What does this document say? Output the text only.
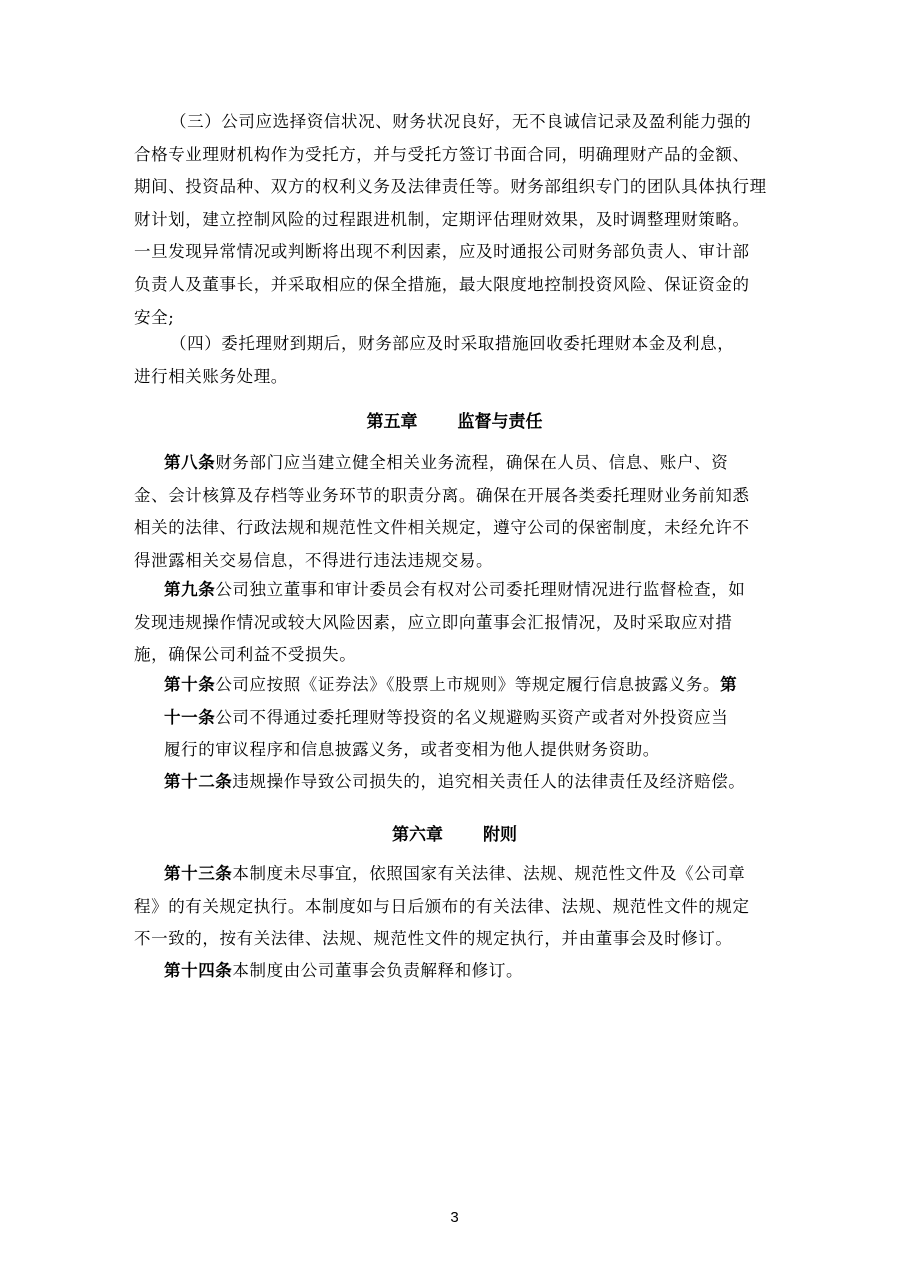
（三）公司应选择资信状况、财务状况良好，无不良诚信记录及盈利能力强的
合格专业理财机构作为受托方，并与受托方签订书面合同，明确理财产品的金额、
期间、投资品种、双方的权利义务及法律责任等。财务部组织专门的团队具体执行理
财计划，建立控制风险的过程跟进机制，定期评估理财效果，及时调整理财策略。
一旦发现异常情况或判断将出现不利因素，应及时通报公司财务部负责人、审计部
负责人及董事长，并采取相应的保全措施，最大限度地控制投资风险、保证资金的
安全;
（四）委托理财到期后，财务部应及时采取措施回收委托理财本金及利息，
进行相关账务处理。
第五章 监督与责任
第八条财务部门应当建立健全相关业务流程，确保在人员、信息、账户、资
金、会计核算及存档等业务环节的职责分离。确保在开展各类委托理财业务前知悉
相关的法律、行政法规和规范性文件相关规定，遵守公司的保密制度，未经允许不
得泄露相关交易信息，不得进行违法违规交易。
第九条公司独立董事和审计委员会有权对公司委托理财情况进行监督检查，如
发现违规操作情况或较大风险因素，应立即向董事会汇报情况，及时采取应对措
施，确保公司利益不受损失。
第十条公司应按照《证券法》《股票上市规则》等规定履行信息披露义务。第
十一条公司不得通过委托理财等投资的名义规避购买资产或者对外投资应当
履行的审议程序和信息披露义务，或者变相为他人提供财务资助。
第十二条违规操作导致公司损失的，追究相关责任人的法律责任及经济赔偿。
第六章 附则
第十三条本制度未尽事宜，依照国家有关法律、法规、规范性文件及《公司章
程》的有关规定执行。本制度如与日后颁布的有关法律、法规、规范性文件的规定
不一致的，按有关法律、法规、规范性文件的规定执行，并由董事会及时修订。
第十四条本制度由公司董事会负责解释和修订。
3
